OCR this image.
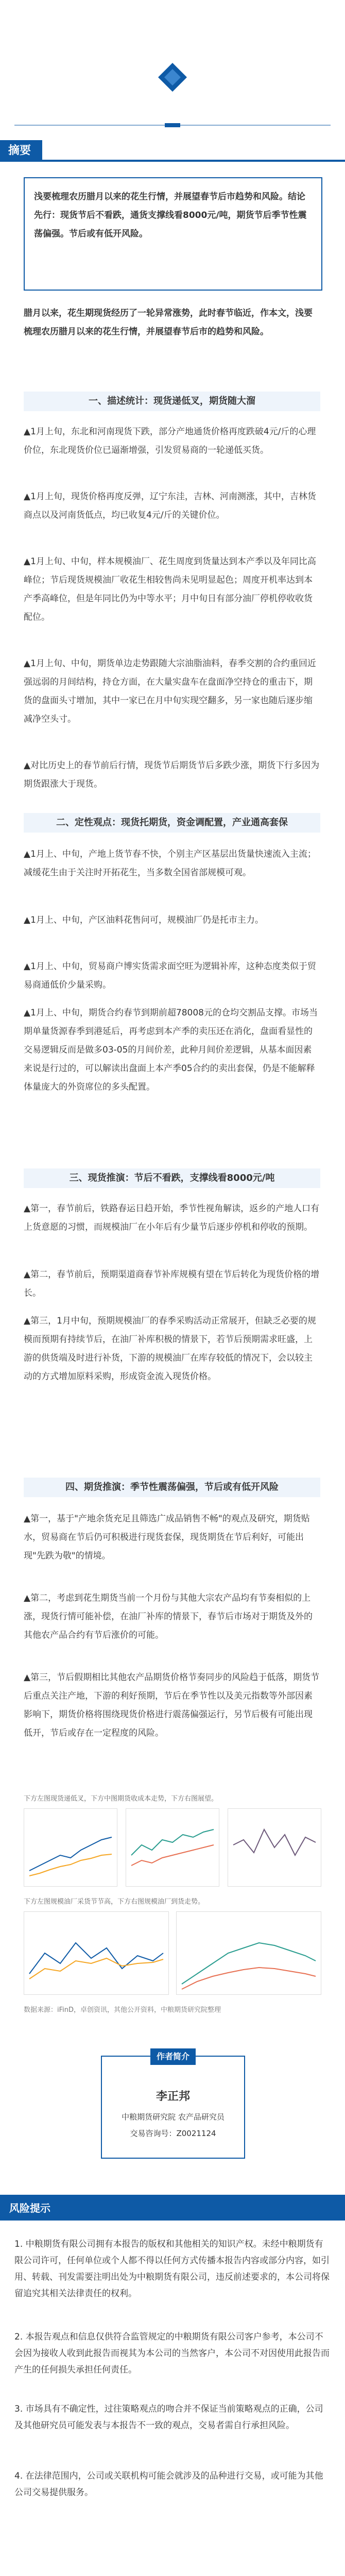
摘要
浅要梳理农历腊月以来的花生行情，并展望春节后市趋势和风险。结论先行：现货节后不看跌，通货支撑线看8000元/吨，期货节后季节性震荡偏强。节后或有低开风险。
腊月以来，花生期现货经历了一轮异常涨势，此时春节临近，作本文，浅要梳理农历腊月以来的花生行情，并展望春节后市的趋势和风险。
一、描述统计：现货递低叉，期货随大溜
▲1月上旬，东北和河南现货下跌，部分产地通货价格再度跌破4元/斤的心理价位，东北现货价位已逼渐增强，引发贸易商的一轮递低买货。
▲1月上旬，现货价格再度反弹，辽宁东洼，吉林、河南测涨，其中，吉林货商点以及河南货低点，均已收复4元/斤的关键价位。
▲1月上旬、中旬，样本规模油厂、花生周度到货量达到本产季以及年同比高峰位；节后现货规模油厂收花生相较售尚未见明显起色；周度开机率达到本产季高峰位，但是年同比仍为中等水平；月中旬日有部分油厂停机停收收货配位。
▲1月上旬、中旬，期货单边走势跟随大宗油脂油料，春季交割的合约重回近强远弱的月间结构，持仓方面，在大量实盘车在盘面净空持仓的重击下，期货的盘面头寸增加，其中一家已在月中旬实现空翻多，另一家也随后逐步缩减净空头寸。
▲对比历史上的春节前后行情，现货节后期货节后多跌少涨，期货下行多因为期货跟涨大于现货。
二、定性观点：现货托期货，资金调配置，产业通高套保
▲1月上、中旬，产地上货节春不快，个别主产区基层出货量快速流入主流；减缓花生由于关注时开拓花生，当多数全国省部规模可观。
▲1月上、中旬，产区油料花售问可，规模油厂仍是托市主力。
▲1月上、中旬，贸易商户博实货需求面空旺为逻辑补库，这种态度类似于贸易商通低价少量采购。
▲1月上、中旬，期货合约春节到期前超78008元的仓均交割品支撑。市场当期单量货源春季到港延后，再考虑到本产季的卖压还在消化，盘面看显性的交易逻辑反而是做多03-05的月间价差，此种月间价差逻辑，从基本面因素来说是行过的，可以解读出盘面上本产季05合约的卖出套保，仍是不能解释体量庞大的外资席位的多头配置。
三、现货推演：节后不看跌，支撑线看8000元/吨
▲第一，春节前后，铁路春运日趋开始，季节性视角解读，返乡的产地人口有上货意愿的习惯，而规模油厂在小年后有少量节后逐步停机和停收的预期。
▲第二，春节前后，预期渠道商春节补库规模有望在节后转化为现货价格的增长。
▲第三，1月中旬，预期规模油厂的春季采购活动正常展开，但缺乏必要的规模而预期有持续节后，在油厂补库积极的情景下，若节后预期需求旺盛，上游的供货端及时进行补货，下游的规模油厂在库存较低的情况下，会以较主动的方式增加原料采购，形成资金流入现货价格。
四、期货推演：季节性震荡偏强，节后或有低开风险
▲第一，基于"产地余货充足且筛选广成品销售不畅"的观点及研究，期货贴水，贸易商在节后仍可积极进行现货套保，现货期货在节后利好，可能出现"先跌为敬"的情境。
▲第二，考虑到花生期货当前一个月份与其他大宗农产品均有节奏相似的上涨，现货行情可能补偿，在油厂补库的情景下，春节后市场对于期货及外的其他农产品合约有节后涨价的可能。
▲第三，节后假期相比其他农产品期货价格节奏同步的风险趋于低落，期货节后重点关注产地，下游的利好预期，节后在季节性以及美元指数等外部因素影响下，期货价格将围绕现货价格进行震荡偏强运行，另节后极有可能出现低开，节后或存在一定程度的风险。
下方左图现货递低叉，下方中图期货收成本走势，下方右图展望。
下方左图规模油厂采货节节高，下方右图规模油厂到货走势。
数据来源：iFinD，卓创资讯，其他公开资料，中粮期货研究院整理
作者简介
李正邦
中粮期货研究院 农产品研究员
交易咨询号：Z0021124
风险提示
1. 中粮期货有限公司拥有本报告的版权和其他相关的知识产权。未经中粮期货有限公司许可，任何单位或个人都不得以任何方式传播本报告内容或部分内容，如引用、转载、刊发需要注明出处为中粮期货有限公司，违反前述要求的，本公司将保留追究其相关法律责任的权利。
2. 本报告观点和信息仅供符合监管规定的中粮期货有限公司客户参考，本公司不会因为接收人收到此报告而视其为本公司的当然客户，本公司不对因使用此报告而产生的任何损失承担任何责任。
3. 市场具有不确定性，过往策略观点的吻合并不保证当前策略观点的正确，公司及其他研究员可能发表与本报告不一致的观点，交易者需自行承担风险。
4. 在法律范围内，公司或关联机构可能会就涉及的品种进行交易，或可能为其他公司交易提供服务。
